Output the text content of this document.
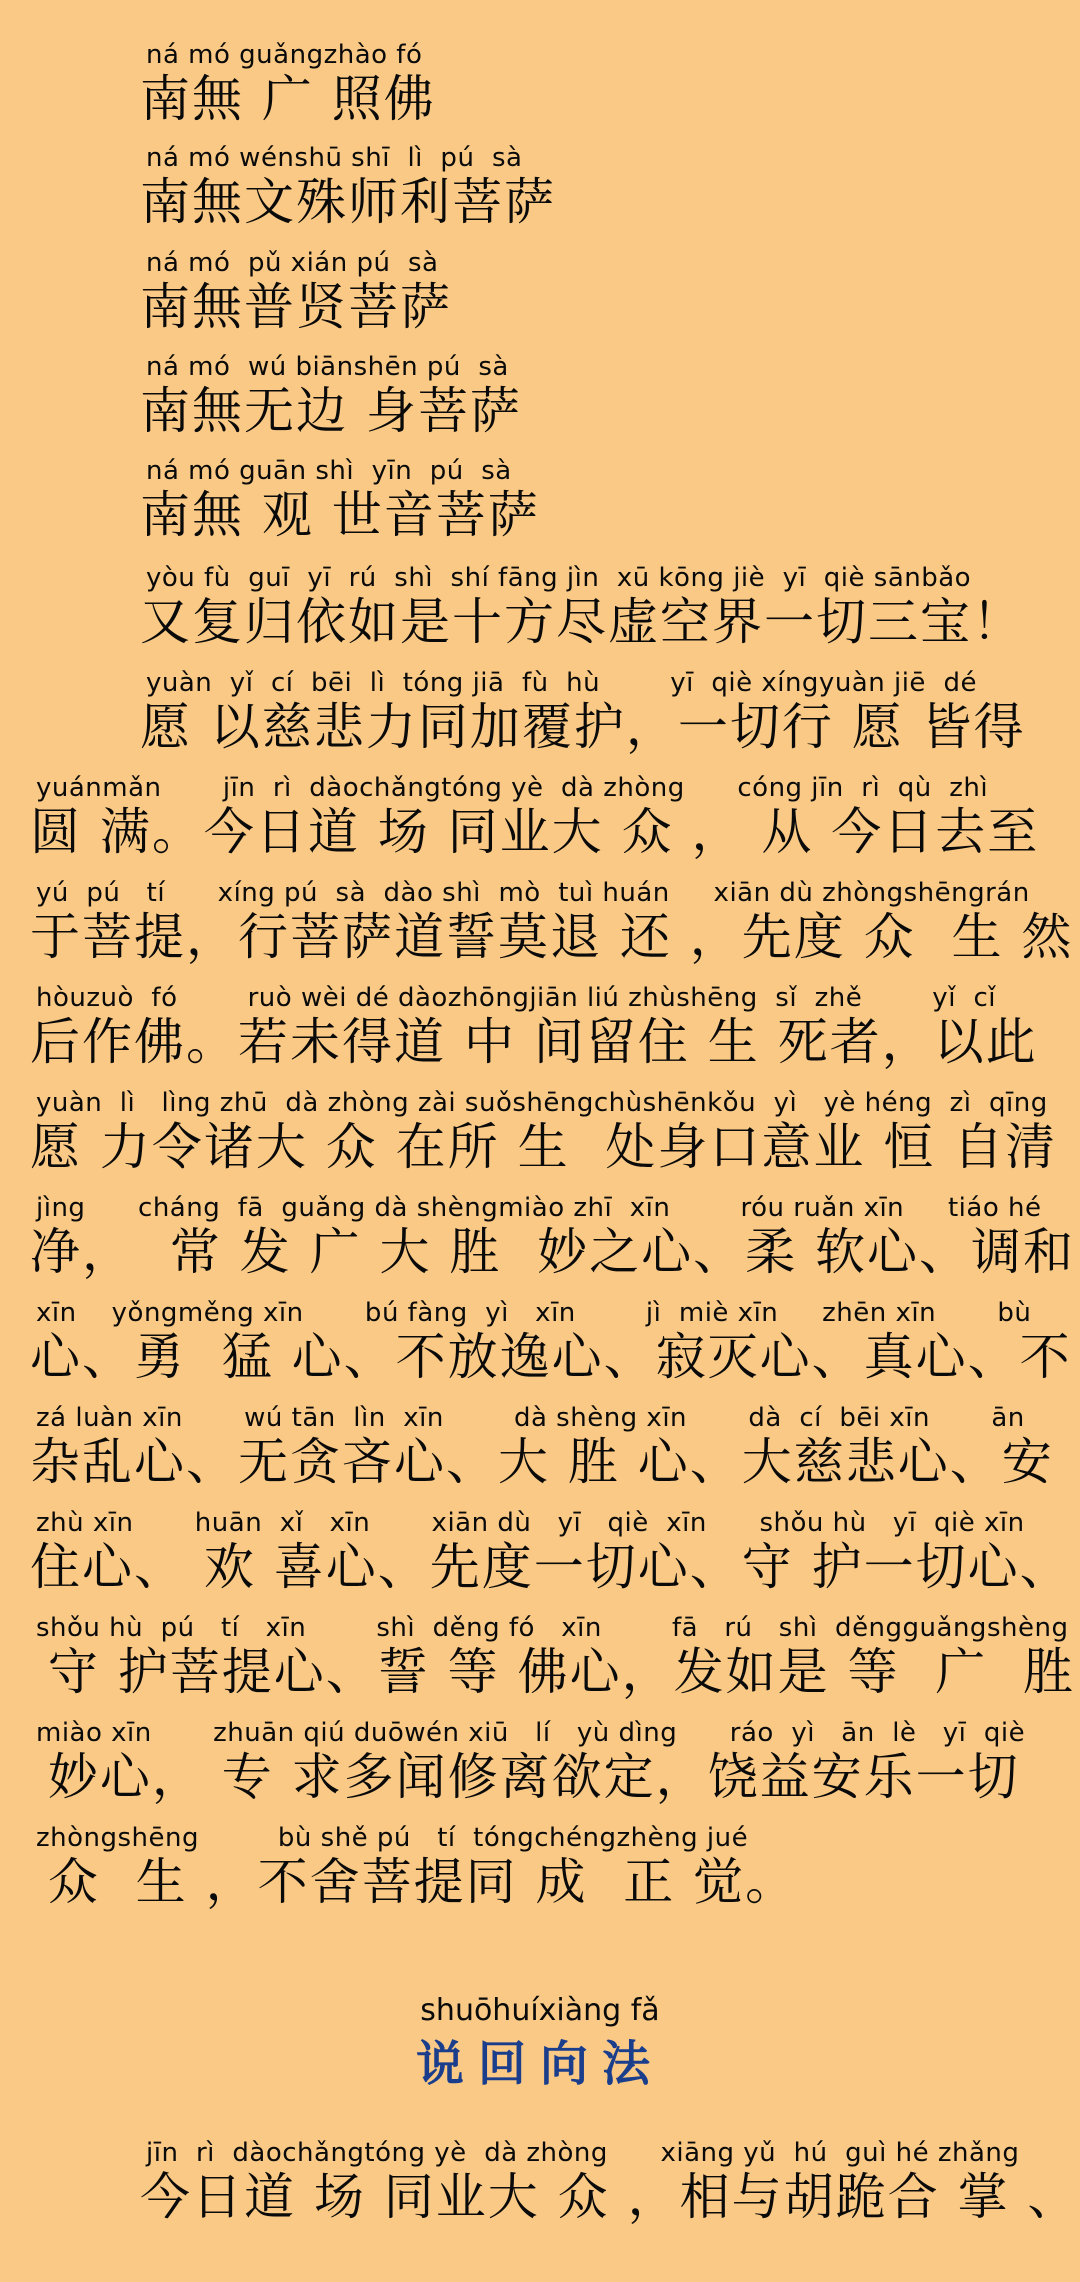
ná mó guǎngzhào fó
南無 广 照佛
ná mó wénshū shī  lì  pú  sà
南無文殊师利菩萨
ná mó  pǔ xián pú  sà
南無普贤菩萨
ná mó  wú biānshēn pú  sà
南無无边 身菩萨
ná mó guān shì  yīn  pú  sà
南無 观 世音菩萨
yòu fù  guī  yī  rú  shì  shí fāng jìn  xū kōng jiè  yī  qiè sānbǎo
又复归依如是十方尽虚空界一切三宝！
yuàn  yǐ  cí  bēi  lì  tóng jiā  fù  hù        yī  qiè xíngyuàn jiē  dé
愿 以慈悲力同加覆护，一切行 愿 皆得
yuánmǎn       jīn  rì  dàochǎngtóng yè  dà zhòng      cóng jīn  rì  qù  zhì
圆 满。今日道 场 同业大 众 ， 从 今日去至
yú  pú   tí      xíng pú  sà  dào shì  mò  tuì huán     xiān dù zhòngshēngrán
于菩提，行菩萨道誓莫退 还 ，先度 众  生 然
hòuzuò  fó        ruò wèi dé dàozhōngjiān liú zhùshēng  sǐ  zhě        yǐ  cǐ
后作佛。若未得道 中 间留住 生 死者，以此
yuàn  lì   lìng zhū  dà zhòng zài suǒshēngchùshēnkǒu  yì   yè héng  zì  qīng
愿 力令诸大 众 在所 生  处身口意业 恒 自清
jìng      cháng  fā  guǎng dà shèngmiào zhī  xīn        róu ruǎn xīn     tiáo hé
净，  常 发 广 大 胜  妙之心、柔 软心、调和
xīn    yǒngměng xīn       bú fàng  yì   xīn        jì  miè xīn     zhēn xīn       bù
心、勇  猛 心、不放逸心、寂灭心、真心、不
zá luàn xīn       wú tān  lìn  xīn        dà shèng xīn       dà  cí  bēi xīn       ān
杂乱心、无贪吝心、大 胜 心、大慈悲心、安
zhù xīn       huān  xǐ   xīn       xiān dù   yī   qiè  xīn      shǒu hù   yī  qiè xīn
住心、 欢 喜心、先度一切心、守 护一切心、
shǒu hù  pú   tí   xīn        shì  děng fó   xīn        fā   rú   shì  děngguǎngshèng
守 护菩提心、誓 等 佛心，发如是 等  广  胜
miào xīn       zhuān qiú duōwén xiū   lí   yù dìng      ráo  yì   ān  lè   yī  qiè
妙心， 专 求多闻修离欲定，饶益安乐一切
zhòngshēng         bù shě pú   tí  tóngchéngzhèng jué
众  生 ，不舍菩提同 成  正 觉。
shuōhuíxiàng fǎ
说回向法
jīn  rì  dàochǎngtóng yè  dà zhòng      xiāng yǔ  hú  guì hé zhǎng
今日道 场 同业大 众 ，相与胡跪合 掌 、
